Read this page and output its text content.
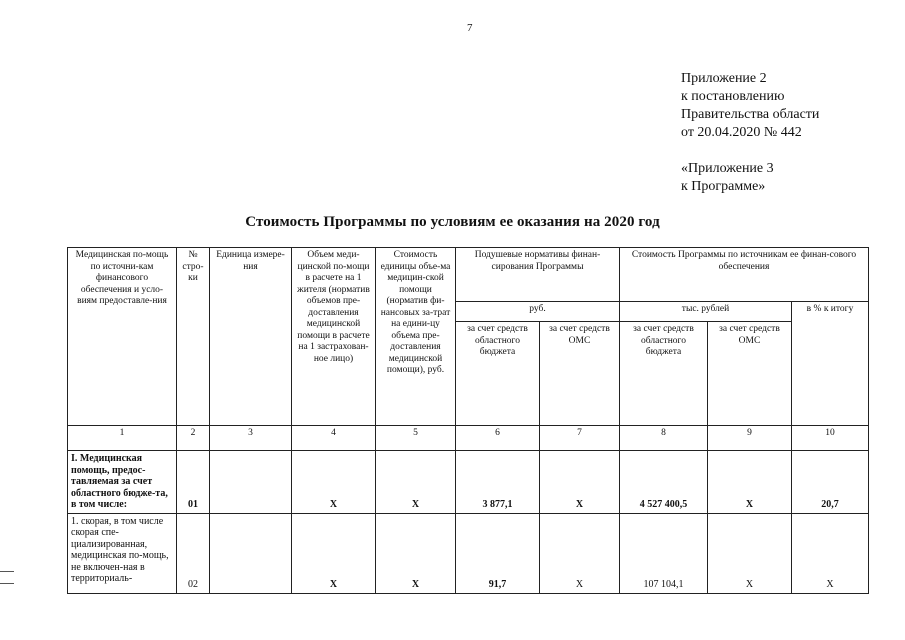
7
Приложение 2
к постановлению
Правительства области
от 20.04.2020 № 442
«Приложение 3
к Программе»
Стоимость Программы по условиям ее оказания на 2020 год
Медицинская по-мощь по источни-кам финансового обеспечения и усло-виям предоставле-ния	№ стро-ки	Единица измере-ния	Объем меди-цинской по-мощи в расчете на 1 жителя (норматив объемов пре-доставления медицинской помощи в расчете на 1 застрахован-ное лицо)	Стоимость единицы объе-ма медицин-ской помощи (норматив фи-нансовых за-трат на едини-цу объема пре-доставления медицинской помощи), руб.	Подушевые нормативы финан-сирования Программы		Стоимость Программы по источникам ее финан-сового обеспечения		
					руб.		тыс. рублей		в % к итогу
					за счет средств областного бюджета	за счет средств ОМС	за счет средств областного бюджета	за счет средств ОМС	
1	2	3	4	5	6	7	8	9	10
I. Медицинская помощь, предос-тавляемая за счет областного бюдже-та, в том числе:	01		Х	Х	3 877,1	Х	4 527 400,5	Х	20,7
1. скорая, в том числе скорая спе-циализированная, медицинская по-мощь, не включен-ная в территориаль-	02		Х	Х	91,7	Х	107 104,1	Х	Х
